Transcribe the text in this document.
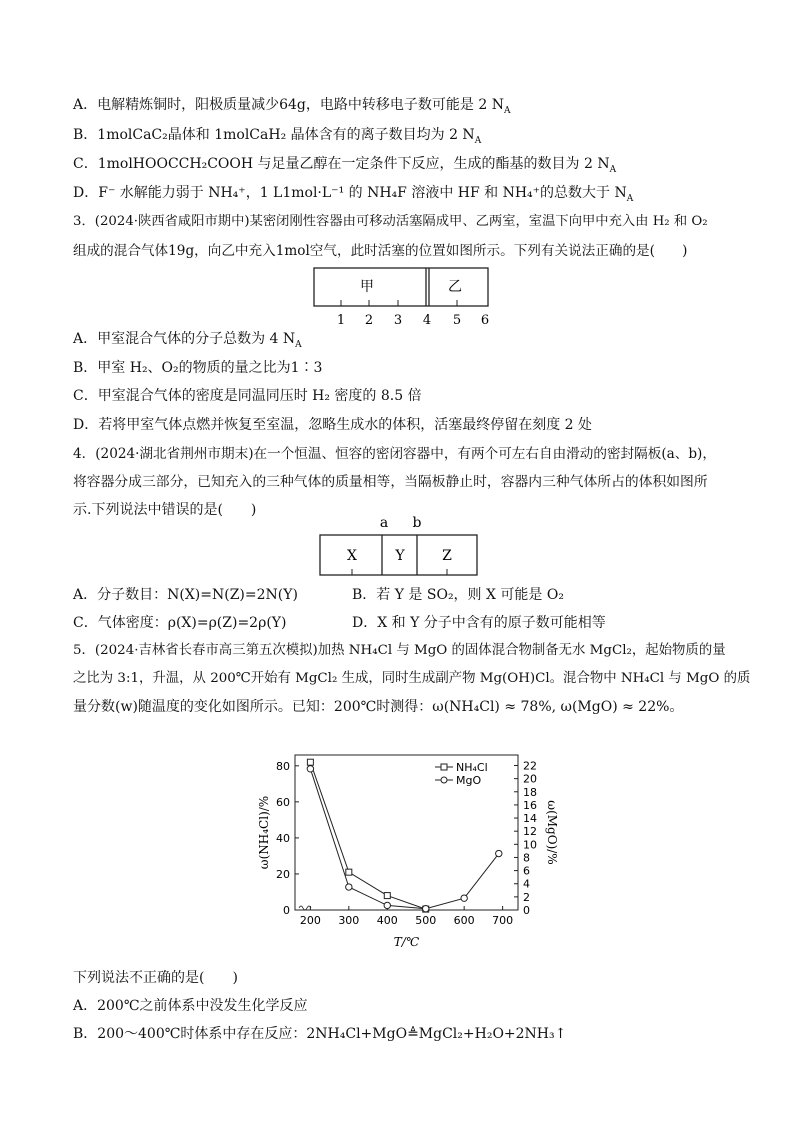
A．电解精炼铜时，阳极质量减少64g，电路中转移电子数可能是 2 $N_A$
B．1molCaC₂晶体和 1molCaH₂ 晶体含有的离子数目均为 2 $N_A$
C．1molHOOCCH₂COOH 与足量乙醇在一定条件下反应，生成的酯基的数目为 2 $N_A$
D．F⁻ 水解能力弱于 NH₄⁺，1 L1mol·L⁻¹ 的 NH₄F 溶液中 HF 和 NH₄⁺的总数大于 $N_A$
3．(2024·陕西省咸阳市期中)某密闭刚性容器由可移动活塞隔成甲、乙两室，室温下向甲中充入由 H₂ 和 O₂
组成的混合气体19g，向乙中充入1mol空气，此时活塞的位置如图所示。下列有关说法正确的是(　　)
甲	乙
1 2 3 4 5 6
A．甲室混合气体的分子总数为 4 $N_A$
B．甲室 H₂、O₂的物质的量之比为1∶3
C．甲室混合气体的密度是同温同压时 H₂ 密度的 8.5 倍
D．若将甲室气体点燃并恢复至室温，忽略生成水的体积，活塞最终停留在刻度 2 处
4．(2024·湖北省荆州市期末)在一个恒温、恒容的密闭容器中，有两个可左右自由滑动的密封隔板(a、b)，
将容器分成三部分，已知充入的三种气体的质量相等，当隔板静止时，容器内三种气体所占的体积如图所
示.下列说法中错误的是(　　)
a b
X	Y	Z
A．分子数目：N(X)=N(Z)=2N(Y)	B．若 Y 是 SO₂，则 X 可能是 O₂
C．气体密度：ρ(X)=ρ(Z)=2ρ(Y)	D．X 和 Y 分子中含有的原子数可能相等
5．(2024·吉林省长春市高三第五次模拟)加热 NH₄Cl 与 MgO 的固体混合物制备无水 MgCl₂，起始物质的量
之比为 3:1，升温，从 200℃开始有 MgCl₂ 生成，同时生成副产物 Mg(OH)Cl。混合物中 NH₄Cl 与 MgO 的质
量分数(w)随温度的变化如图所示。已知：200℃时测得：ω(NH₄Cl) ≈ 78%, ω(MgO) ≈ 22%。
200 300 400 500 600 700
0
20
40
60
80
0
2
4
6
8
10
12
14
16
18
20
22
T/℃
ω(NH₄Cl)/%	ω(MgO)/%
NH₄Cl
MgO
下列说法不正确的是(　　)
A．200℃之前体系中没发生化学反应
B．200～400℃时体系中存在反应：2NH₄Cl+MgO≜MgCl₂+H₂O+2NH₃↑
